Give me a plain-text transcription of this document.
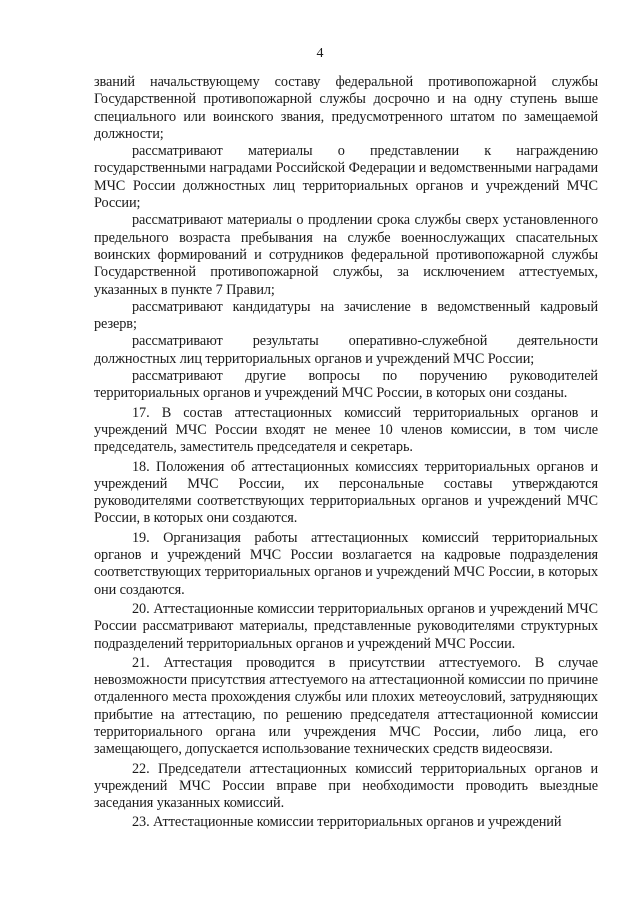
4

званий начальствующему составу федеральной противопожарной службы Государственной противопожарной службы досрочно и на одну ступень выше специального или воинского звания, предусмотренного штатом по замещаемой должности;

рассматривают материалы о представлении к награждению государственными наградами Российской Федерации и ведомственными наградами МЧС России должностных лиц территориальных органов и учреждений МЧС России;

рассматривают материалы о продлении срока службы сверх установленного предельного возраста пребывания на службе военнослужащих спасательных воинских формирований и сотрудников федеральной противопожарной службы Государственной противопожарной службы, за исключением аттестуемых, указанных в пункте 7 Правил;

рассматривают кандидатуры на зачисление в ведомственный кадровый резерв;

рассматривают результаты оперативно-служебной деятельности должностных лиц территориальных органов и учреждений МЧС России;

рассматривают другие вопросы по поручению руководителей территориальных органов и учреждений МЧС России, в которых они созданы.

17. В состав аттестационных комиссий территориальных органов и учреждений МЧС России входят не менее 10 членов комиссии, в том числе председатель, заместитель председателя и секретарь.

18. Положения об аттестационных комиссиях территориальных органов и учреждений МЧС России, их персональные составы утверждаются руководителями соответствующих территориальных органов и учреждений МЧС России, в которых они создаются.

19. Организация работы аттестационных комиссий территориальных органов и учреждений МЧС России возлагается на кадровые подразделения соответствующих территориальных органов и учреждений МЧС России, в которых они создаются.

20. Аттестационные комиссии территориальных органов и учреждений МЧС России рассматривают материалы, представленные руководителями структурных подразделений территориальных органов и учреждений МЧС России.

21. Аттестация проводится в присутствии аттестуемого. В случае невозможности присутствия аттестуемого на аттестационной комиссии по причине отдаленного места прохождения службы или плохих метеоусловий, затрудняющих прибытие на аттестацию, по решению председателя аттестационной комиссии территориального органа или учреждения МЧС России, либо лица, его замещающего, допускается использование технических средств видеосвязи.

22. Председатели аттестационных комиссий территориальных органов и учреждений МЧС России вправе при необходимости проводить выездные заседания указанных комиссий.

23. Аттестационные комиссии территориальных органов и учреждений
